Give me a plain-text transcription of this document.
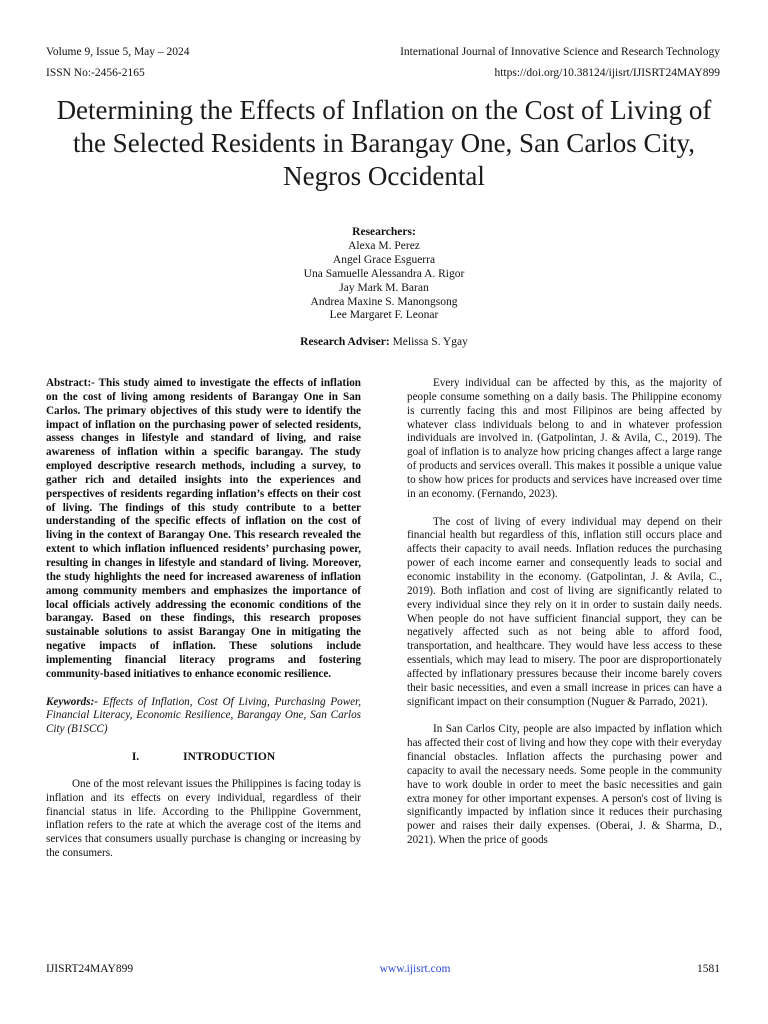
Volume 9, Issue 5, May – 2024	International Journal of Innovative Science and Research Technology
ISSN No:-2456-2165	https://doi.org/10.38124/ijisrt/IJISRT24MAY899
Determining the Effects of Inflation on the Cost of Living of the Selected Residents in Barangay One, San Carlos City, Negros Occidental
Researchers:
Alexa M. Perez
Angel Grace Esguerra
Una Samuelle Alessandra A. Rigor
Jay Mark M. Baran
Andrea Maxine S. Manongsong
Lee Margaret F. Leonar
Research Adviser: Melissa S. Ygay

Abstract:- This study aimed to investigate the effects of inflation on the cost of living among residents of Barangay One in San Carlos. The primary objectives of this study were to identify the impact of inflation on the purchasing power of selected residents, assess changes in lifestyle and standard of living, and raise awareness of inflation within a specific barangay. The study employed descriptive research methods, including a survey, to gather rich and detailed insights into the experiences and perspectives of residents regarding inflation’s effects on their cost of living. The findings of this study contribute to a better understanding of the specific effects of inflation on the cost of living in the context of Barangay One. This research revealed the extent to which inflation influenced residents’ purchasing power, resulting in changes in lifestyle and standard of living. Moreover, the study highlights the need for increased awareness of inflation among community members and emphasizes the importance of local officials actively addressing the economic conditions of the barangay. Based on these findings, this research proposes sustainable solutions to assist Barangay One in mitigating the negative impacts of inflation. These solutions include implementing financial literacy programs and fostering community-based initiatives to enhance economic resilience.

Keywords:- Effects of Inflation, Cost Of Living, Purchasing Power, Financial Literacy, Economic Resilience, Barangay One, San Carlos City (B1SCC)

I.	INTRODUCTION

One of the most relevant issues the Philippines is facing today is inflation and its effects on every individual, regardless of their financial status in life. According to the Philippine Government, inflation refers to the rate at which the average cost of the items and services that consumers usually purchase is changing or increasing by the consumers.

Every individual can be affected by this, as the majority of people consume something on a daily basis. The Philippine economy is currently facing this and most Filipinos are being affected by whatever class individuals belong to and in whatever profession individuals are involved in. (Gatpolintan, J. & Avila, C., 2019). The goal of inflation is to analyze how pricing changes affect a large range of products and services overall. This makes it possible a unique value to show how prices for products and services have increased over time in an economy. (Fernando, 2023).

The cost of living of every individual may depend on their financial health but regardless of this, inflation still occurs place and affects their capacity to avail needs. Inflation reduces the purchasing power of each income earner and consequently leads to social and economic instability in the economy. (Gatpolintan, J. & Avila, C., 2019). Both inflation and cost of living are significantly related to every individual since they rely on it in order to sustain daily needs. When people do not have sufficient financial support, they can be negatively affected such as not being able to afford food, transportation, and healthcare. They would have less access to these essentials, which may lead to misery. The poor are disproportionately affected by inflationary pressures because their income barely covers their basic necessities, and even a small increase in prices can have a significant impact on their consumption (Nuguer & Parrado, 2021).

In San Carlos City, people are also impacted by inflation which has affected their cost of living and how they cope with their everyday financial obstacles. Inflation affects the purchasing power and capacity to avail the necessary needs. Some people in the community have to work double in order to meet the basic necessities and gain extra money for other important expenses. A person's cost of living is significantly impacted by inflation since it reduces their purchasing power and raises their daily expenses. (Oberai, J. & Sharma, D., 2021). When the price of goods

IJISRT24MAY899	www.ijisrt.com	1581
